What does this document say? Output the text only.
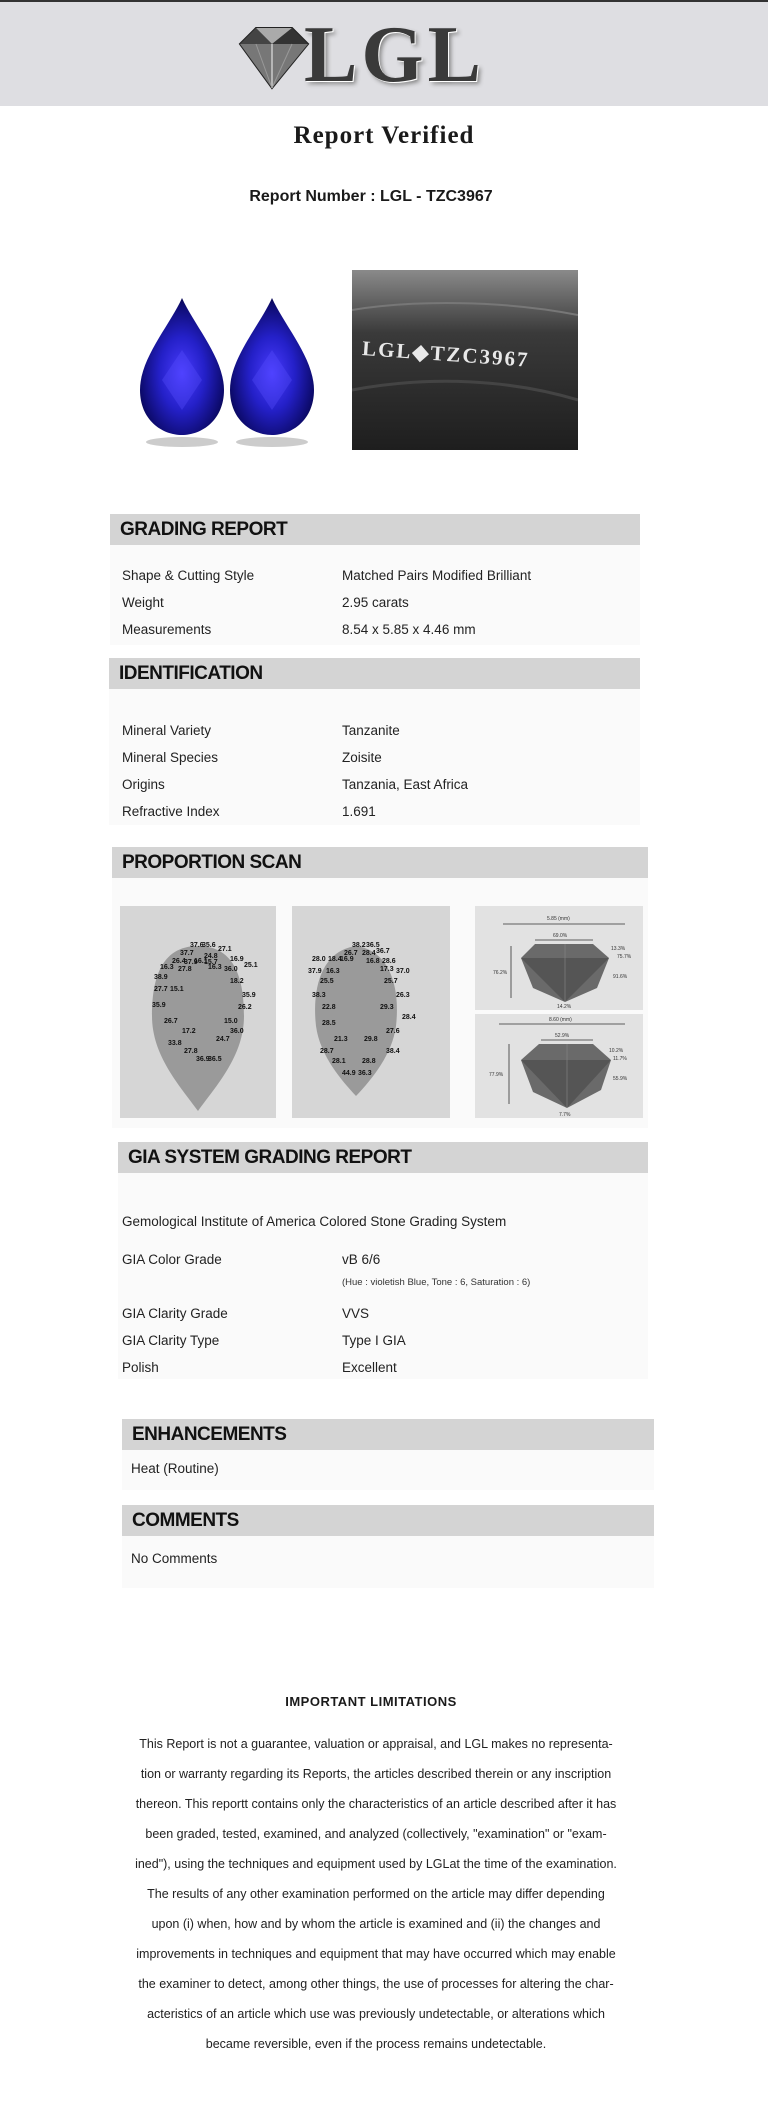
LGL
Report Verified
Report Number : LGL - TZC3967
LGL◆TZC3967
GRADING REPORT
Shape & Cutting Style	Matched Pairs Modified Brilliant
Weight	2.95 carats
Measurements	8.54 x 5.85 x 4.46 mm
IDENTIFICATION
Mineral Variety	Tanzanite
Mineral Species	Zoisite
Origins	Tanzania, East Africa
Refractive Index	1.691
PROPORTION SCAN
37.6
35.6
37.7 24.8
27.1
26.4
37.9
16.1
15.7
16.3 27.8 16.3
16.9
36.0
25.1
38.9
27.7
18.2
15.1
35.9
35.9
26.2
26.7	15.0
17.2	36.0
33.8
24.7
27.8
36.9
36.5
38.2 36.5
26.7 28.4 36.7
28.0 18.4
16.9 16.8 28.6
37.9 16.3	17.3 37.0
25.5	25.7
38.3	26.3
22.8	29.3
28.4
28.5
27.6
21.3 29.8
28.7	38.4
28.1 28.8
44.9 36.3
5.85 (mm)
69.0%
76.2%
13.3%
75.7%
91.6%
14.2%
8.60 (mm)
52.9%
77.9%
10.2%
11.7%
55.9%
7.7%
GIA SYSTEM GRADING REPORT
Gemological Institute of America Colored Stone Grading System
GIA Color Grade	vB 6/6
(Hue : violetish Blue, Tone : 6, Saturation : 6)
GIA Clarity Grade	VVS
GIA Clarity Type	Type I GIA
Polish	Excellent
ENHANCEMENTS
Heat (Routine)
COMMENTS
No Comments
IMPORTANT LIMITATIONS
This Report is not a guarantee, valuation or appraisal, and LGL makes no representa-
tion or warranty regarding its Reports, the articles described therein or any inscription
thereon. This reportt contains only the characteristics of an article described after it has
been graded, tested, examined, and analyzed (collectively, "examination" or "exam-
ined"), using the techniques and equipment used by LGLat the time of the examination.
The results of any other examination performed on the article may differ depending
upon (i) when, how and by whom the article is examined and (ii) the changes and
improvements in techniques and equipment that may have occurred which may enable
the examiner to detect, among other things, the use of processes for altering the char-
acteristics of an article which use was previously undetectable, or alterations which
became reversible, even if the process remains undetectable.
